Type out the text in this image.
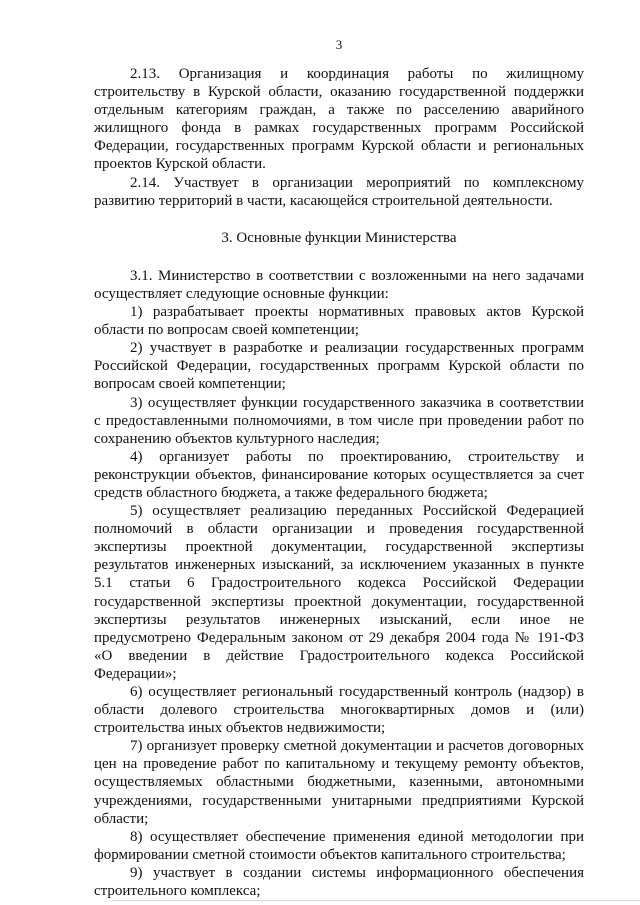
3

2.13. Организация и координация работы по жилищному строительству в Курской области, оказанию государственной поддержки отдельным категориям граждан, а также по расселению аварийного жилищного фонда в рамках государственных программ Российской Федерации, государственных программ Курской области и региональных проектов Курской области.

2.14. Участвует в организации мероприятий по комплексному развитию территорий в части, касающейся строительной деятельности.

3. Основные функции Министерства

3.1. Министерство в соответствии с возложенными на него задачами осуществляет следующие основные функции:

1) разрабатывает проекты нормативных правовых актов Курской области по вопросам своей компетенции;

2) участвует в разработке и реализации государственных программ Российской Федерации, государственных программ Курской области по вопросам своей компетенции;

3) осуществляет функции государственного заказчика в соответствии с предоставленными полномочиями, в том числе при проведении работ по сохранению объектов культурного наследия;

4) организует работы по проектированию, строительству и реконструкции объектов, финансирование которых осуществляется за счет средств областного бюджета, а также федерального бюджета;

5) осуществляет реализацию переданных Российской Федерацией полномочий в области организации и проведения государственной экспертизы проектной документации, государственной экспертизы результатов инженерных изысканий, за исключением указанных в пункте 5.1 статьи 6 Градостроительного кодекса Российской Федерации государственной экспертизы проектной документации, государственной экспертизы результатов инженерных изысканий, если иное не предусмотрено Федеральным законом от 29 декабря 2004 года № 191-ФЗ «О введении в действие Градостроительного кодекса Российской Федерации»;

6) осуществляет региональный государственный контроль (надзор) в области долевого строительства многоквартирных домов и (или) строительства иных объектов недвижимости;

7) организует проверку сметной документации и расчетов договорных цен на проведение работ по капитальному и текущему ремонту объектов, осуществляемых областными бюджетными, казенными, автономными учреждениями, государственными унитарными предприятиями Курской области;

8) осуществляет обеспечение применения единой методологии при формировании сметной стоимости объектов капитального строительства;

9) участвует в создании системы информационного обеспечения строительного комплекса;
